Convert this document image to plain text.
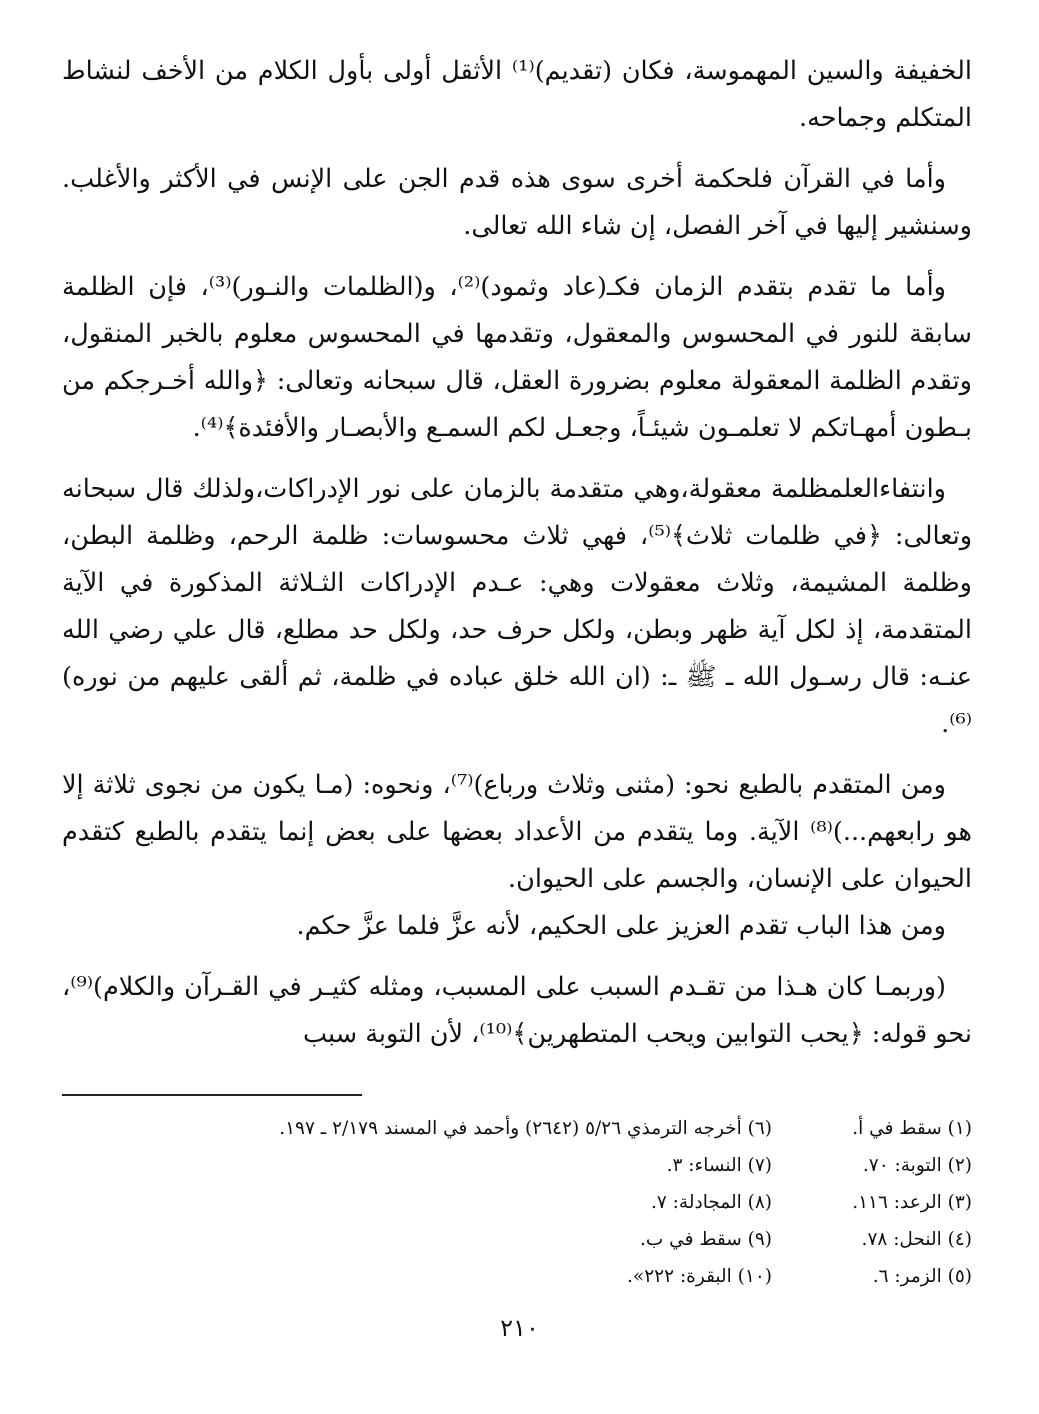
الخفيفة والسين المهموسة، فكان (تقديم)⁽¹⁾ الأثقل أولى بأول الكلام من الأخف لنشاط المتكلم وجماحه.

وأما في القرآن فلحكمة أخرى سوى هذه قدم الجن على الإنس في الأكثر والأغلب. وسنشير إليها في آخر الفصل، إن شاء الله تعالى.

وأما ما تقدم بتقدم الزمان فكـ(عاد وثمود)⁽²⁾، و(الظلمات والنـور)⁽³⁾، فإن الظلمة سابقة للنور في المحسوس والمعقول، وتقدمها في المحسوس معلوم بالخبر المنقول، وتقدم الظلمة المعقولة معلوم بضرورة العقل، قال سبحانه وتعالى: ﴿والله أخـرجكم من بـطون أمهـاتكم لا تعلمـون شيئـاً، وجعـل لكم السمـع والأبصـار والأفئدة﴾⁽⁴⁾.

وانتفاءالعلمظلمة معقولة،وهي متقدمة بالزمان على نور الإدراكات،ولذلك قال سبحانه وتعالى: ﴿في ظلمات ثلاث﴾⁽⁵⁾، فهي ثلاث محسوسات: ظلمة الرحم، وظلمة البطن، وظلمة المشيمة، وثلاث معقولات وهي: عـدم الإدراكات الثـلاثة المذكورة في الآية المتقدمة، إذ لكل آية ظهر وبطن، ولكل حرف حد، ولكل حد مطلع، قال علي رضي الله عنـه: قال رسـول الله ـ ﷺ ـ: (ان الله خلق عباده في ظلمة، ثم ألقى عليهم من نوره)⁽⁶⁾.

ومن المتقدم بالطبع نحو: (مثنى وثلاث ورباع)⁽⁷⁾، ونحوه: (مـا يكون من نجوى ثلاثة إلا هو رابعهم...)⁽⁸⁾ الآية. وما يتقدم من الأعداد بعضها على بعض إنما يتقدم بالطبع كتقدم الحيوان على الإنسان، والجسم على الحيوان.

ومن هذا الباب تقدم العزيز على الحكيم، لأنه عزَّ فلما عزَّ حكم.

(وربمـا كان هـذا من تقـدم السبب على المسبب، ومثله كثيـر في القـرآن والكلام)⁽⁹⁾، نحو قوله: ﴿يحب التوابين ويحب المتطهرين﴾⁽¹⁰⁾، لأن التوبة سبب

(١) سقط في أ.
(٢) التوبة: ٧٠.
(٣) الرعد: ١١٦.
(٤) النحل: ٧٨.
(٥) الزمر: ٦.
(٦) أخرجه الترمذي ٥/٢٦ (٢٦٤٢) وأحمد في المسند ٢/١٧٩ ـ ١٩٧.
(٧) النساء: ٣.
(٨) المجادلة: ٧.
(٩) سقط في ب.
(١٠) البقرة: ٢٢٢».
٢١٠
